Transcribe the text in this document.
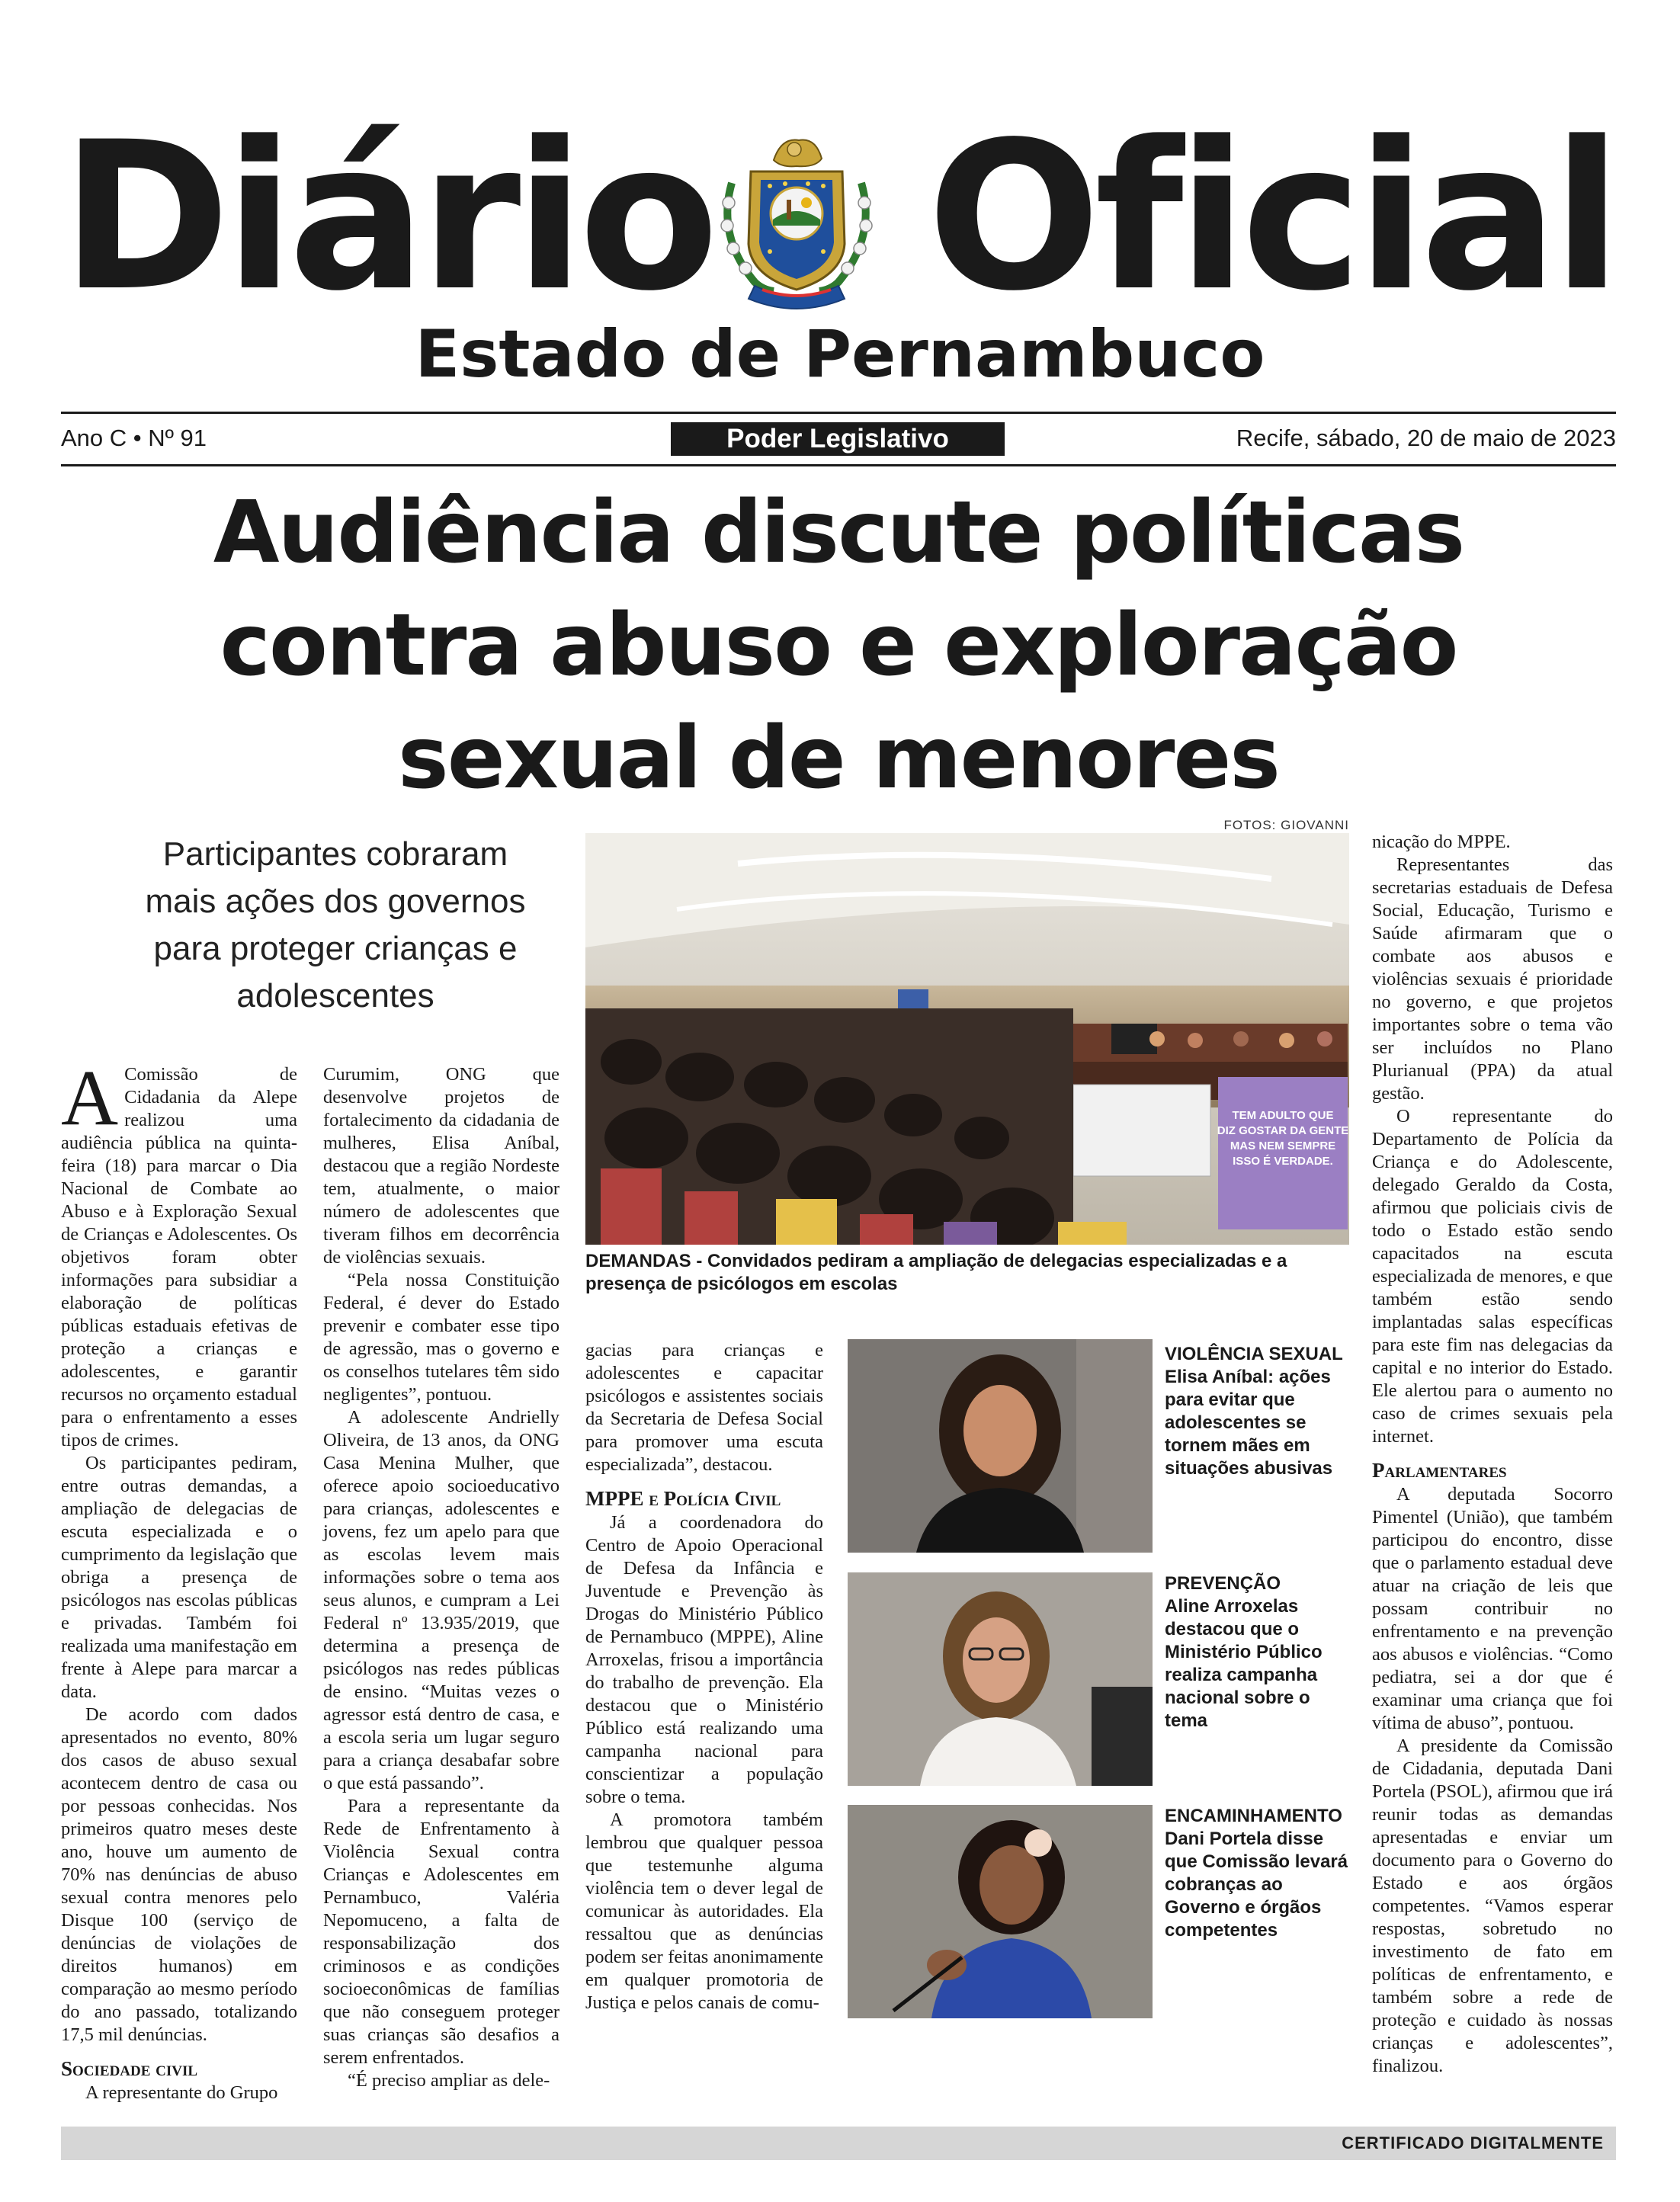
Diário Oficial
Estado de Pernambuco
Ano C • Nº 91	Poder Legislativo	Recife, sábado, 20 de maio de 2023
Audiência discute políticas
contra abuso e exploração
sexual de menores
Participantes cobraram
mais ações dos governos
para proteger crianças e
adolescentes
FOTOS: GIOVANNI
TEM ADULTO QUE DIZ GOSTAR DA GENTE MAS NEM SEMPRE ISSO É VERDADE.
DEMANDAS - Convidados pediram a ampliação de delegacias especializadas e a presença de psicólogos em escolas

A Comissão de Cidadania da Alepe realizou uma audiência pública na quinta-feira (18) para marcar o Dia Nacional de Combate ao Abuso e à Exploração Sexual de Crianças e Adolescentes. Os objetivos foram obter informações para subsidiar a elaboração de políticas públicas estaduais efetivas de proteção a crianças e adolescentes, e garantir recursos no orçamento estadual para o enfrentamento a esses tipos de crimes.

Os participantes pediram, entre outras demandas, a ampliação de delegacias de escuta especializada e o cumprimento da legislação que obriga a presença de psicólogos nas escolas públicas e privadas. Também foi realizada uma manifestação em frente à Alepe para marcar a data.

De acordo com dados apresentados no evento, 80% dos casos de abuso sexual acontecem dentro de casa ou por pessoas conhecidas. Nos primeiros quatro meses deste ano, houve um aumento de 70% nas denúncias de abuso sexual contra menores pelo Disque 100 (serviço de denúncias de violações de direitos humanos) em comparação ao mesmo período do ano passado, totalizando 17,5 mil denúncias.

Sociedade civil

A representante do Grupo

Curumim, ONG que desenvolve projetos de fortalecimento da cidadania de mulheres, Elisa Aníbal, destacou que a região Nordeste tem, atualmente, o maior número de adolescentes que tiveram filhos em decorrência de violências sexuais.

“Pela nossa Constituição Federal, é dever do Estado prevenir e combater esse tipo de agressão, mas o governo e os conselhos tutelares têm sido negligentes”, pontuou.

A adolescente Andrielly Oliveira, de 13 anos, da ONG Casa Menina Mulher, que oferece apoio socioeducativo para crianças, adolescentes e jovens, fez um apelo para que as escolas levem mais informações sobre o tema aos seus alunos, e cumpram a Lei Federal nº 13.935/2019, que determina a presença de psicólogos nas redes públicas de ensino. “Muitas vezes o agressor está dentro de casa, e a escola seria um lugar seguro para a criança desabafar sobre o que está passando”.

Para a representante da Rede de Enfrentamento à Violência Sexual contra Crianças e Adolescentes em Pernambuco, Valéria Nepomuceno, a falta de responsabilização dos criminosos e as condições socioeconômicas de famílias que não conseguem proteger suas crianças são desafios a serem enfrentados.

“É preciso ampliar as dele-

gacias para crianças e adolescentes e capacitar psicólogos e assistentes sociais da Secretaria de Defesa Social para promover uma escuta especializada”, destacou.

MPPE e Polícia Civil

Já a coordenadora do Centro de Apoio Operacional de Defesa da Infância e Juventude e Prevenção às Drogas do Ministério Público de Pernambuco (MPPE), Aline Arroxelas, frisou a importância do trabalho de prevenção. Ela destacou que o Ministério Público está realizando uma campanha nacional para conscientizar a população sobre o tema.

A promotora também lembrou que qualquer pessoa que testemunhe alguma violência tem o dever legal de comunicar às autoridades. Ela ressaltou que as denúncias podem ser feitas anonimamente em qualquer promotoria de Justiça e pelos canais de comu-

VIOLÊNCIA SEXUAL
Elisa Aníbal: ações para evitar que adolescentes se tornem mães em situações abusivas
PREVENÇÃO
Aline Arroxelas destacou que o Ministério Público realiza campanha nacional sobre o tema
ENCAMINHAMENTO
Dani Portela disse que Comissão levará cobranças ao Governo e órgãos competentes

nicação do MPPE.

Representantes das secretarias estaduais de Defesa Social, Educação, Turismo e Saúde afirmaram que o combate aos abusos e violências sexuais é prioridade no governo, e que projetos importantes sobre o tema vão ser incluídos no Plano Plurianual (PPA) da atual gestão.

O representante do Departamento de Polícia da Criança e do Adolescente, delegado Geraldo da Costa, afirmou que policiais civis de todo o Estado estão sendo capacitados na escuta especializada de menores, e que também estão sendo implantadas salas específicas para este fim nas delegacias da capital e no interior do Estado. Ele alertou para o aumento no caso de crimes sexuais pela internet.

Parlamentares

A deputada Socorro Pimentel (União), que também participou do encontro, disse que o parlamento estadual deve atuar na criação de leis que possam contribuir no enfrentamento e na prevenção aos abusos e violências. “Como pediatra, sei a dor que é examinar uma criança que foi vítima de abuso”, pontuou.

A presidente da Comissão de Cidadania, deputada Dani Portela (PSOL), afirmou que irá reunir todas as demandas apresentadas e enviar um documento para o Governo do Estado e aos órgãos competentes. “Vamos esperar respostas, sobretudo no investimento de fato em políticas de enfrentamento, e também sobre a rede de proteção e cuidado às nossas crianças e adolescentes”, finalizou.

CERTIFICADO DIGITALMENTE
